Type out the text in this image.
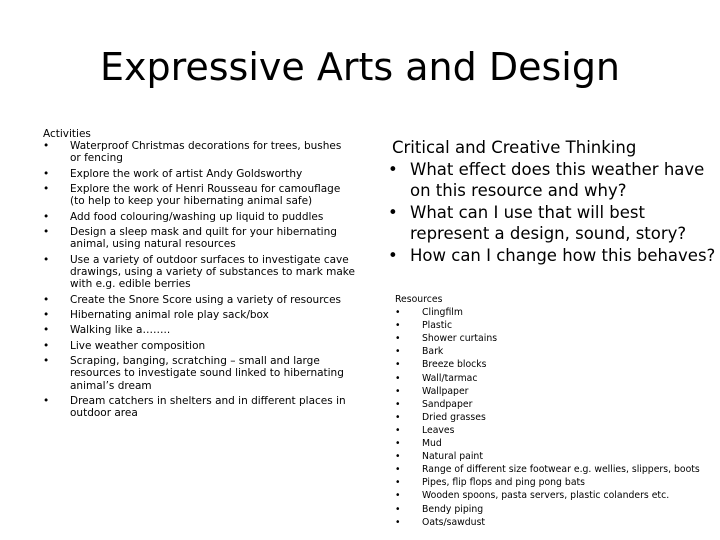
Expressive Arts and Design
Activities
• Waterproof Christmas decorations for trees, bushes or fencing
• Explore the work of artist Andy Goldsworthy
• Explore the work of Henri Rousseau for camouflage (to help to keep your hibernating animal safe)
• Add food colouring/washing up liquid to puddles
• Design a sleep mask and quilt for your hibernating animal, using natural resources
• Use a variety of outdoor surfaces to investigate cave drawings, using a variety of substances to mark make with e.g. edible berries
• Create the Snore Score using a variety of resources
• Hibernating animal role play sack/box
• Walking like a……..
• Live weather composition
• Scraping, banging, scratching – small and large resources to investigate sound linked to hibernating animal’s dream
• Dream catchers in shelters and in different places in outdoor area
Critical and Creative Thinking
• What effect does this weather have on this resource and why?
• What can I use that will best represent a design, sound, story?
• How can I change how this behaves?
Resources
• Clingfilm
• Plastic
• Shower curtains
• Bark
• Breeze blocks
• Wall/tarmac
• Wallpaper
• Sandpaper
• Dried grasses
• Leaves
• Mud
• Natural paint
• Range of different size footwear e.g. wellies, slippers, boots
• Pipes, flip flops and ping pong bats
• Wooden spoons, pasta servers, plastic colanders etc.
• Bendy piping
• Oats/sawdust
